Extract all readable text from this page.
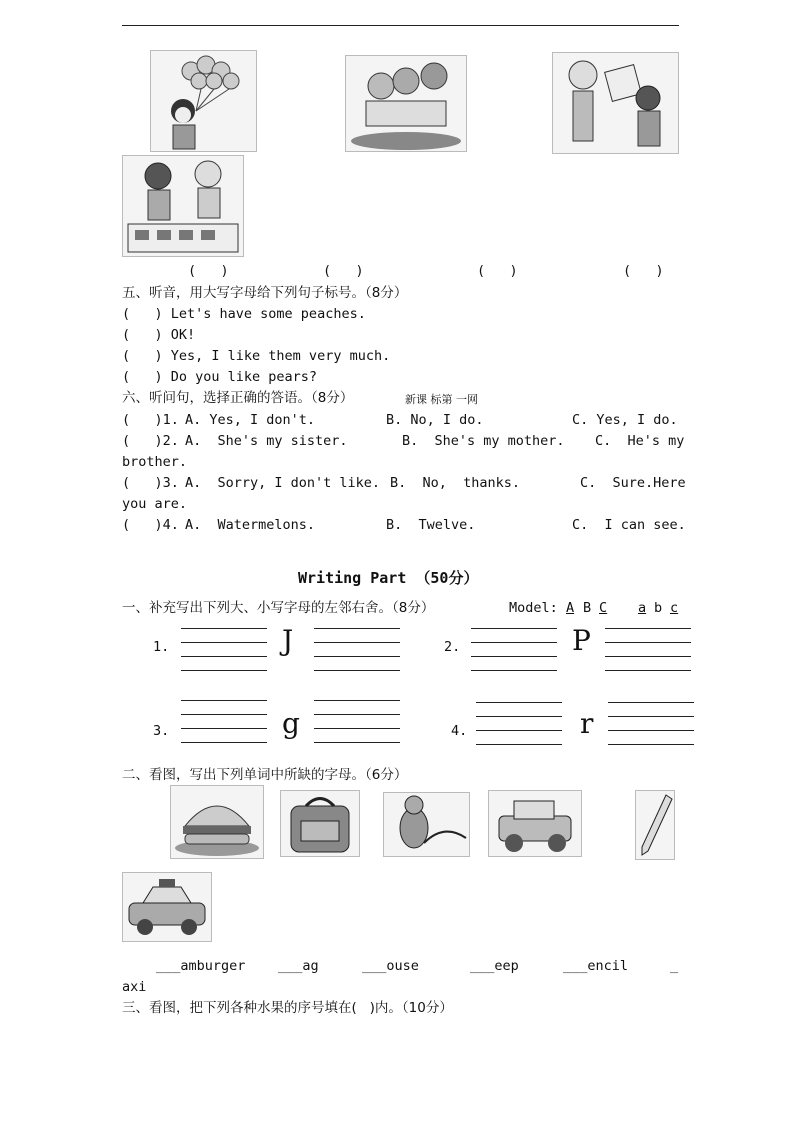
(   )	(   )	(   )	(   )
五、听音，用大写字母给下列句子标号。（8分）
(   ) Let's have some peaches.
(   ) OK!
(   ) Yes, I like them very much.
(   ) Do you like pears?
六、听问句，选择正确的答语。（8分）	新课 标第 一网
(   )1. A. Yes, I don't.	B. No, I do.	C. Yes, I do.
(   )2. A.  She's my sister.	B.  She's my mother. C.  He's my
brother.
(   )3. A.  Sorry, I don't like. B.  No,  thanks.	C.  Sure.Here
you are.
(   )4. A.  Watermelons.	B.  Twelve.	C.  I can see.
Writing Part （50分）
一、补充写出下列大、小写字母的左邻右舍。（8分）	Model: A B C a b c
1.	J	2.	P
3.	g	4.	r
二、看图，写出下列单词中所缺的字母。（6分）
___amburger ___ag	___ouse	___eep	___encil	_
axi
三、看图，把下列各种水果的序号填在(   )内。（10分）
